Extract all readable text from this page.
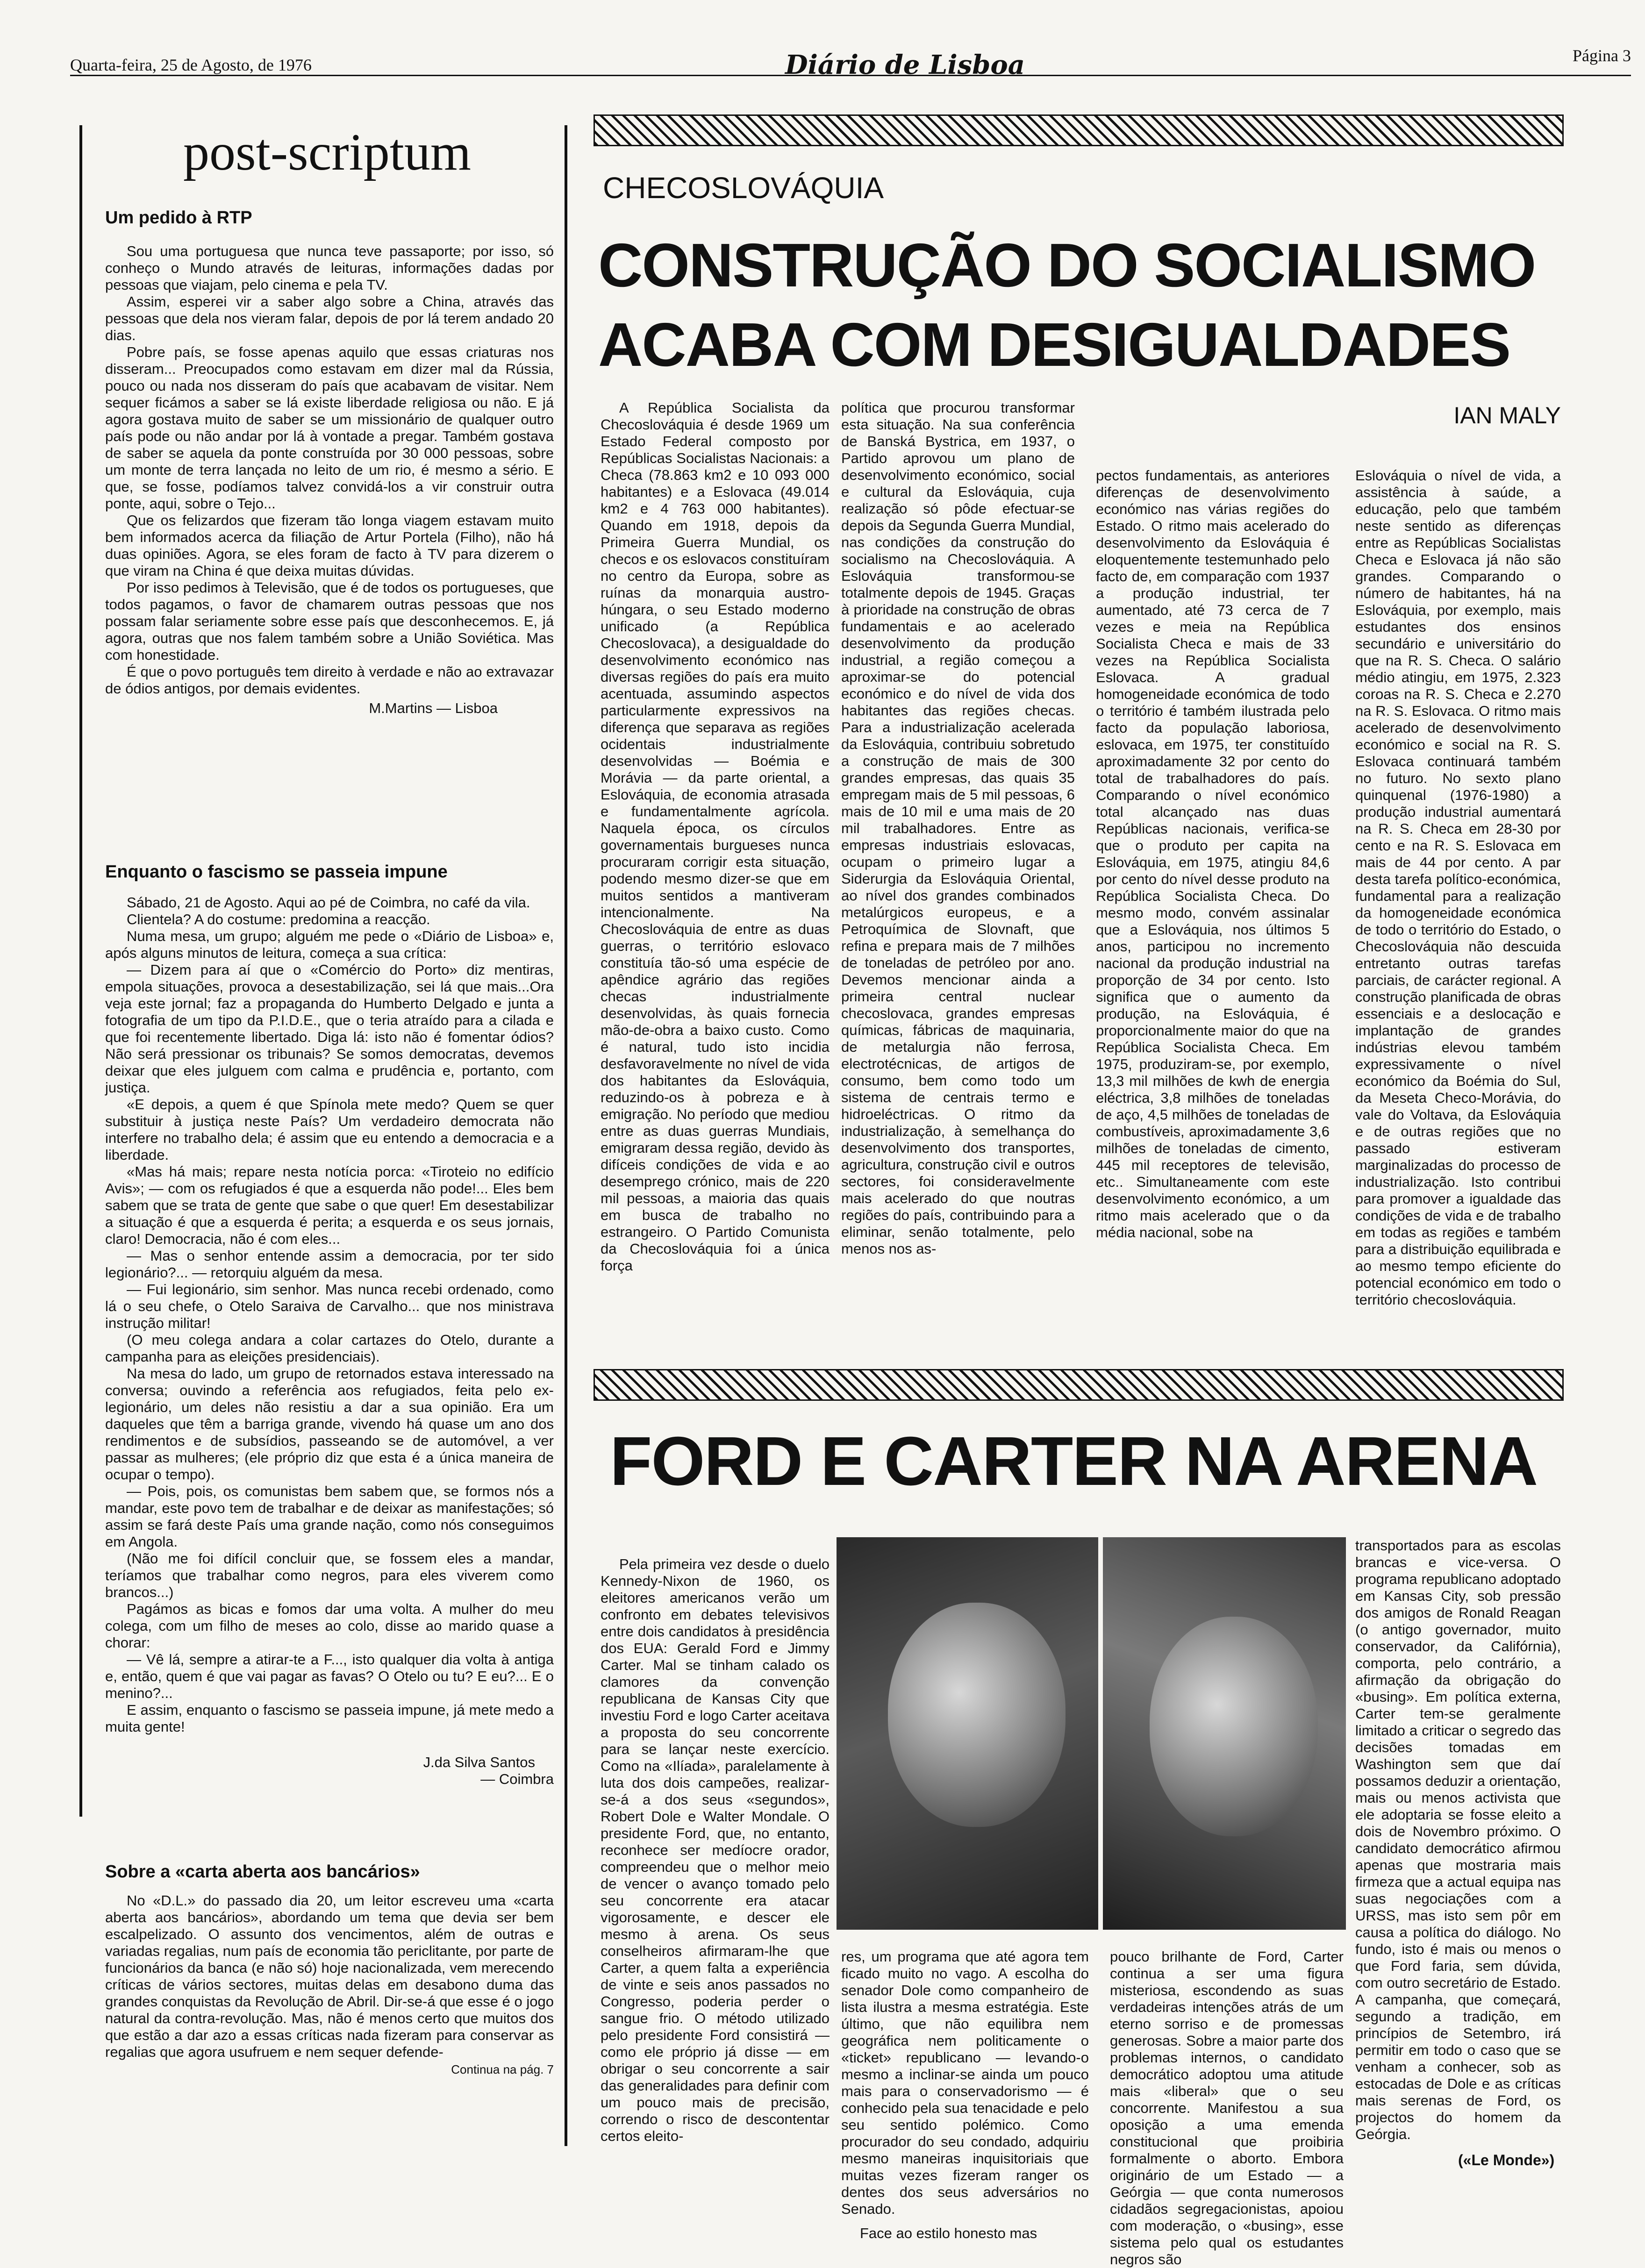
Quarta-feira, 25 de Agosto, de 1976	Diário de Lisboa	Página 3
post-scriptum
Um pedido à RTP

Sou uma portuguesa que nunca teve passaporte; por isso, só conheço o Mundo através de leituras, informações dadas por pessoas que viajam, pelo cinema e pela TV.

Assim, esperei vir a saber algo sobre a China, através das pessoas que dela nos vieram falar, depois de por lá terem andado 20 dias.

Pobre país, se fosse apenas aquilo que essas criaturas nos disseram... Preocupados como estavam em dizer mal da Rússia, pouco ou nada nos disseram do país que acabavam de visitar. Nem sequer ficámos a saber se lá existe liberdade religiosa ou não. E já agora gostava muito de saber se um missionário de qualquer outro país pode ou não andar por lá à vontade a pregar. Também gostava de saber se aquela da ponte construída por 30 000 pessoas, sobre um monte de terra lançada no leito de um rio, é mesmo a sério. E que, se fosse, podíamos talvez convidá-los a vir construir outra ponte, aqui, sobre o Tejo...

Que os felizardos que fizeram tão longa viagem estavam muito bem informados acerca da filiação de Artur Portela (Filho), não há duas opiniões. Agora, se eles foram de facto à TV para dizerem o que viram na China é que deixa muitas dúvidas.

Por isso pedimos à Televisão, que é de todos os portugueses, que todos pagamos, o favor de chamarem outras pessoas que nos possam falar seriamente sobre esse país que desconhecemos. E, já agora, outras que nos falem também sobre a União Soviética. Mas com honestidade.

É que o povo português tem direito à verdade e não ao extravazar de ódios antigos, por demais evidentes.

M.Martins — Lisboa
Enquanto o fascismo se passeia impune

Sábado, 21 de Agosto. Aqui ao pé de Coimbra, no café da vila.

Clientela? A do costume: predomina a reacção.

Numa mesa, um grupo; alguém me pede o «Diário de Lisboa» e, após alguns minutos de leitura, começa a sua crítica:

— Dizem para aí que o «Comércio do Porto» diz mentiras, empola situações, provoca a desestabilização, sei lá que mais...Ora veja este jornal; faz a propaganda do Humberto Delgado e junta a fotografia de um tipo da P.I.D.E., que o teria atraído para a cilada e que foi recentemente libertado. Diga lá: isto não é fomentar ódios? Não será pressionar os tribunais? Se somos democratas, devemos deixar que eles julguem com calma e prudência e, portanto, com justiça.

«E depois, a quem é que Spínola mete medo? Quem se quer substituir à justiça neste País? Um verdadeiro democrata não interfere no trabalho dela; é assim que eu entendo a democracia e a liberdade.

«Mas há mais; repare nesta notícia porca: «Tiroteio no edifício Avis»; — com os refugiados é que a esquerda não pode!... Eles bem sabem que se trata de gente que sabe o que quer! Em desestabilizar a situação é que a esquerda é perita; a esquerda e os seus jornais, claro! Democracia, não é com eles...

— Mas o senhor entende assim a democracia, por ter sido legionário?... — retorquiu alguém da mesa.

— Fui legionário, sim senhor. Mas nunca recebi ordenado, como lá o seu chefe, o Otelo Saraiva de Carvalho... que nos ministrava instrução militar!

(O meu colega andara a colar cartazes do Otelo, durante a campanha para as eleições presidenciais).

Na mesa do lado, um grupo de retornados estava interessado na conversa; ouvindo a referência aos refugiados, feita pelo ex-legionário, um deles não resistiu a dar a sua opinião. Era um daqueles que têm a barriga grande, vivendo há quase um ano dos rendimentos e de subsídios, passeando se de automóvel, a ver passar as mulheres; (ele próprio diz que esta é a única maneira de ocupar o tempo).

— Pois, pois, os comunistas bem sabem que, se formos nós a mandar, este povo tem de trabalhar e de deixar as manifestações; só assim se fará deste País uma grande nação, como nós conseguimos em Angola.

(Não me foi difícil concluir que, se fossem eles a mandar, teríamos que trabalhar como negros, para eles viverem como brancos...)

Pagámos as bicas e fomos dar uma volta. A mulher do meu colega, com um filho de meses ao colo, disse ao marido quase a chorar:

— Vê lá, sempre a atirar-te a F..., isto qualquer dia volta à antiga e, então, quem é que vai pagar as favas? O Otelo ou tu? E eu?... E o menino?...

E assim, enquanto o fascismo se passeia impune, já mete medo a muita gente!

J.da Silva Santos
— Coimbra
Sobre a «carta aberta aos bancários»

No «D.L.» do passado dia 20, um leitor escreveu uma «carta aberta aos bancários», abordando um tema que devia ser bem escalpelizado. O assunto dos vencimentos, além de outras e variadas regalias, num país de economia tão periclitante, por parte de funcionários da banca (e não só) hoje nacionalizada, vem merecendo críticas de vários sectores, muitas delas em desabono duma das grandes conquistas da Revolução de Abril. Dir-se-á que esse é o jogo natural da contra-revolução. Mas, não é menos certo que muitos dos que estão a dar azo a essas críticas nada fizeram para conservar as regalias que agora usufruem e nem sequer defende-

Continua na pág. 7
CHECOSLOVÁQUIA
CONSTRUÇÃO DO SOCIALISMO
ACABA COM DESIGUALDADES
IAN MALY
A República Socialista da Checoslováquia é desde 1969 um Estado Federal composto por Repúblicas Socialistas Nacionais: a Checa (78.863 km2 e 10 093 000 habitantes) e a Eslovaca (49.014 km2 e 4 763 000 habitantes). Quando em 1918, depois da Primeira Guerra Mundial, os checos e os eslovacos constituíram no centro da Europa, sobre as ruínas da monarquia austro-húngara, o seu Estado moderno unificado (a República Checoslovaca), a desigualdade do desenvolvimento económico nas diversas regiões do país era muito acentuada, assumindo aspectos particularmente expressivos na diferença que separava as regiões ocidentais industrialmente desenvolvidas — Boémia e Morávia — da parte oriental, a Eslováquia, de economia atrasada e fundamentalmente agrícola. Naquela época, os círculos governamentais burgueses nunca procuraram corrigir esta situação, podendo mesmo dizer-se que em muitos sentidos a mantiveram intencionalmente. Na Checoslováquia de entre as duas guerras, o território eslovaco constituía tão-só uma espécie de apêndice agrário das regiões checas industrialmente desenvolvidas, às quais fornecia mão-de-obra a baixo custo. Como é natural, tudo isto incidia desfavoravelmente no nível de vida dos habitantes da Eslováquia, reduzindo-os à pobreza e à emigração. No período que mediou entre as duas guerras Mundiais, emigraram dessa região, devido às difíceis condições de vida e ao desemprego crónico, mais de 220 mil pessoas, a maioria das quais em busca de trabalho no estrangeiro. O Partido Comunista da Checoslováquia foi a única força
política que procurou transformar esta situação. Na sua conferência de Banská Bystrica, em 1937, o Partido aprovou um plano de desenvolvimento económico, social e cultural da Eslováquia, cuja realização só pôde efectuar-se depois da Segunda Guerra Mundial, nas condições da construção do socialismo na Checoslováquia. A Eslováquia transformou-se totalmente depois de 1945. Graças à prioridade na construção de obras fundamentais e ao acelerado desenvolvimento da produção industrial, a região começou a aproximar-se do potencial económico e do nível de vida dos habitantes das regiões checas. Para a industrialização acelerada da Eslováquia, contribuiu sobretudo a construção de mais de 300 grandes empresas, das quais 35 empregam mais de 5 mil pessoas, 6 mais de 10 mil e uma mais de 20 mil trabalhadores. Entre as empresas industriais eslovacas, ocupam o primeiro lugar a Siderurgia da Eslováquia Oriental, ao nível dos grandes combinados metalúrgicos europeus, e a Petroquímica de Slovnaft, que refina e prepara mais de 7 milhões de toneladas de petróleo por ano. Devemos mencionar ainda a primeira central nuclear checoslovaca, grandes empresas químicas, fábricas de maquinaria, de metalurgia não ferrosa, electrotécnicas, de artigos de consumo, bem como todo um sistema de centrais termo e hidroeléctricas. O ritmo da industrialização, à semelhança do desenvolvimento dos transportes, agricultura, construção civil e outros sectores, foi consideravelmente mais acelerado do que noutras regiões do país, contribuindo para a eliminar, senão totalmente, pelo menos nos as-
pectos fundamentais, as anteriores diferenças de desenvolvimento económico nas várias regiões do Estado. O ritmo mais acelerado do desenvolvimento da Eslováquia é eloquentemente testemunhado pelo facto de, em comparação com 1937 a produção industrial, ter aumentado, até 73 cerca de 7 vezes e meia na República Socialista Checa e mais de 33 vezes na República Socialista Eslovaca. A gradual homogeneidade económica de todo o território é também ilustrada pelo facto da população laboriosa, eslovaca, em 1975, ter constituído aproximadamente 32 por cento do total de trabalhadores do país. Comparando o nível económico total alcançado nas duas Repúblicas nacionais, verifica-se que o produto per capita na Eslováquia, em 1975, atingiu 84,6 por cento do nível desse produto na República Socialista Checa. Do mesmo modo, convém assinalar que a Eslováquia, nos últimos 5 anos, participou no incremento nacional da produção industrial na proporção de 34 por cento. Isto significa que o aumento da produção, na Eslováquia, é proporcionalmente maior do que na República Socialista Checa. Em 1975, produziram-se, por exemplo, 13,3 mil milhões de kwh de energia eléctrica, 3,8 milhões de toneladas de aço, 4,5 milhões de toneladas de combustíveis, aproximadamente 3,6 milhões de toneladas de cimento, 445 mil receptores de televisão, etc.. Simultaneamente com este desenvolvimento económico, a um ritmo mais acelerado que o da média nacional, sobe na
Eslováquia o nível de vida, a assistência à saúde, a educação, pelo que também neste sentido as diferenças entre as Repúblicas Socialistas Checa e Eslovaca já não são grandes. Comparando o número de habitantes, há na Eslováquia, por exemplo, mais estudantes dos ensinos secundário e universitário do que na R. S. Checa. O salário médio atingiu, em 1975, 2.323 coroas na R. S. Checa e 2.270 na R. S. Eslovaca. O ritmo mais acelerado de desenvolvimento económico e social na R. S. Eslovaca continuará também no futuro. No sexto plano quinquenal (1976-1980) a produção industrial aumentará na R. S. Checa em 28-30 por cento e na R. S. Eslovaca em mais de 44 por cento. A par desta tarefa político-económica, fundamental para a realização da homogeneidade económica de todo o território do Estado, o Checoslováquia não descuida entretanto outras tarefas parciais, de carácter regional. A construção planificada de obras essenciais e a deslocação e implantação de grandes indústrias elevou também expressivamente o nível económico da Boémia do Sul, da Meseta Checo-Morávia, do vale do Voltava, da Eslováquia e de outras regiões que no passado estiveram marginalizadas do processo de industrialização. Isto contribui para promover a igualdade das condições de vida e de trabalho em todas as regiões e também para a distribuição equilibrada e ao mesmo tempo eficiente do potencial económico em todo o território checoslováquia.
FORD E CARTER NA ARENA
Pela primeira vez desde o duelo Kennedy-Nixon de 1960, os eleitores americanos verão um confronto em debates televisivos entre dois candidatos à presidência dos EUA: Gerald Ford e Jimmy Carter. Mal se tinham calado os clamores da convenção republicana de Kansas City que investiu Ford e logo Carter aceitava a proposta do seu concorrente para se lançar neste exercício. Como na «Ilíada», paralelamente à luta dos dois campeões, realizar-se-á a dos seus «segundos», Robert Dole e Walter Mondale. O presidente Ford, que, no entanto, reconhece ser medíocre orador, compreendeu que o melhor meio de vencer o avanço tomado pelo seu concorrente era atacar vigorosamente, e descer ele mesmo à arena. Os seus conselheiros afirmaram-lhe que Carter, a quem falta a experiência de vinte e seis anos passados no Congresso, poderia perder o sangue frio. O método utilizado pelo presidente Ford consistirá — como ele próprio já disse — em obrigar o seu concorrente a sair das generalidades para definir com um pouco mais de precisão, correndo o risco de descontentar certos eleito-
res, um programa que até agora tem ficado muito no vago. A escolha do senador Dole como companheiro de lista ilustra a mesma estratégia. Este último, que não equilibra nem geográfica nem politicamente o «ticket» republicano — levando-o mesmo a inclinar-se ainda um pouco mais para o conservadorismo — é conhecido pela sua tenacidade e pelo seu sentido polémico. Como procurador do seu condado, adquiriu mesmo maneiras inquisitoriais que muitas vezes fizeram ranger os dentes dos seus adversários no Senado.
Face ao estilo honesto mas
pouco brilhante de Ford, Carter continua a ser uma figura misteriosa, escondendo as suas verdadeiras intenções atrás de um eterno sorriso e de promessas generosas. Sobre a maior parte dos problemas internos, o candidato democrático adoptou uma atitude mais «liberal» que o seu concorrente. Manifestou a sua oposição a uma emenda constitucional que proibiria formalmente o aborto. Embora originário de um Estado — a Geórgia — que conta numerosos cidadãos segregacionistas, apoiou com moderação, o «busing», esse sistema pelo qual os estudantes negros são
transportados para as escolas brancas e vice-versa. O programa republicano adoptado em Kansas City, sob pressão dos amigos de Ronald Reagan (o antigo governador, muito conservador, da Califórnia), comporta, pelo contrário, a afirmação da obrigação do «busing». Em política externa, Carter tem-se geralmente limitado a criticar o segredo das decisões tomadas em Washington sem que daí possamos deduzir a orientação, mais ou menos activista que ele adoptaria se fosse eleito a dois de Novembro próximo. O candidato democrático afirmou apenas que mostraria mais firmeza que a actual equipa nas suas negociações com a URSS, mas isto sem pôr em causa a política do diálogo. No fundo, isto é mais ou menos o que Ford faria, sem dúvida, com outro secretário de Estado. A campanha, que começará, segundo a tradição, em princípios de Setembro, irá permitir em todo o caso que se venham a conhecer, sob as estocadas de Dole e as críticas mais serenas de Ford, os projectos do homem da Geórgia.
(«Le Monde»)
